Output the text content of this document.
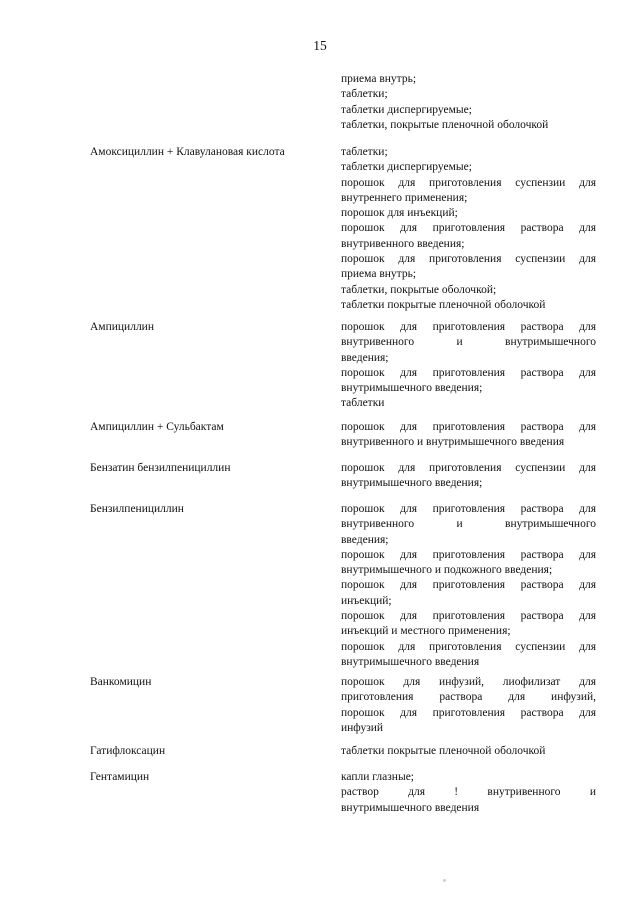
15
приема внутрь;
таблетки;
таблетки диспергируемые;
таблетки, покрытые пленочной оболочкой
Амоксициллин + Клавулановая кислота	таблетки;
таблетки диспергируемые;
порошок для приготовления суспензии для
внутреннего применения;
порошок для инъекций;
порошок для приготовления раствора для
внутривенного введения;
порошок для приготовления суспензии для
приема внутрь;
таблетки, покрытые оболочкой;
таблетки покрытые пленочной оболочкой
Ампициллин	порошок для приготовления раствора для
внутривенного и внутримышечного
введения;
порошок для приготовления раствора для
внутримышечного введения;
таблетки
Ампициллин + Сульбактам	порошок для приготовления раствора для
внутривенного и внутримышечного введения
Бензатин бензилпенициллин	порошок для приготовления суспензии для
внутримышечного введения;
Бензилпенициллин	порошок для приготовления раствора для
внутривенного и внутримышечного
введения;
порошок для приготовления раствора для
внутримышечного и подкожного введения;
порошок для приготовления раствора для
инъекций;
порошок для приготовления раствора для
инъекций и местного применения;
порошок для приготовления суспензии для
внутримышечного введения
Ванкомицин	порошок для инфузий, лиофилизат для
приготовления раствора для инфузий,
порошок для приготовления раствора для
инфузий
Гатифлоксацин	таблетки покрытые пленочной оболочкой
Гентамицин	капли глазные;
раствор для ! внутривенного и
внутримышечного введения
